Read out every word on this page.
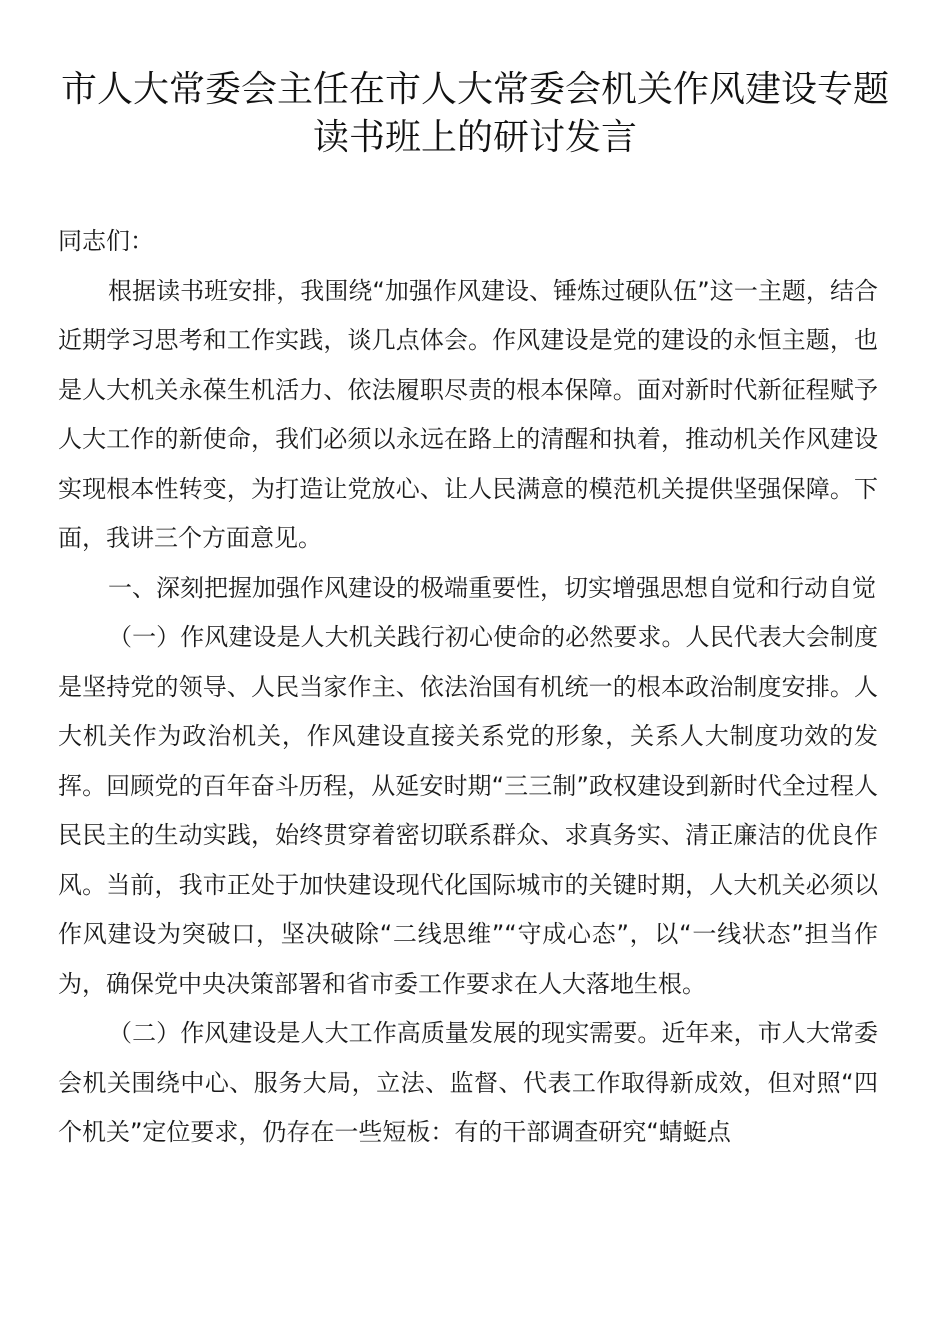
市人大常委会主任在市人大常委会机关作风建设专题
读书班上的研讨发言

同志们：

根据读书班安排，我围绕“加强作风建设、锤炼过硬队伍”这一主题，结合近期学习思考和工作实践，谈几点体会。作风建设是党的建设的永恒主题，也是人大机关永葆生机活力、依法履职尽责的根本保障。面对新时代新征程赋予人大工作的新使命，我们必须以永远在路上的清醒和执着，推动机关作风建设实现根本性转变，为打造让党放心、让人民满意的模范机关提供坚强保障。下面，我讲三个方面意见。

一、深刻把握加强作风建设的极端重要性，切实增强思想自觉和行动自觉

（一）作风建设是人大机关践行初心使命的必然要求。人民代表大会制度是坚持党的领导、人民当家作主、依法治国有机统一的根本政治制度安排。人大机关作为政治机关，作风建设直接关系党的形象，关系人大制度功效的发挥。回顾党的百年奋斗历程，从延安时期“三三制”政权建设到新时代全过程人民民主的生动实践，始终贯穿着密切联系群众、求真务实、清正廉洁的优良作风。当前，我市正处于加快建设现代化国际城市的关键时期，人大机关必须以作风建设为突破口，坚决破除“二线思维”“守成心态”，以“一线状态”担当作为，确保党中央决策部署和省市委工作要求在人大落地生根。

（二）作风建设是人大工作高质量发展的现实需要。近年来，市人大常委会机关围绕中心、服务大局，立法、监督、代表工作取得新成效，但对照“四个机关”定位要求，仍存在一些短板：有的干部调查研究“蜻蜓点
